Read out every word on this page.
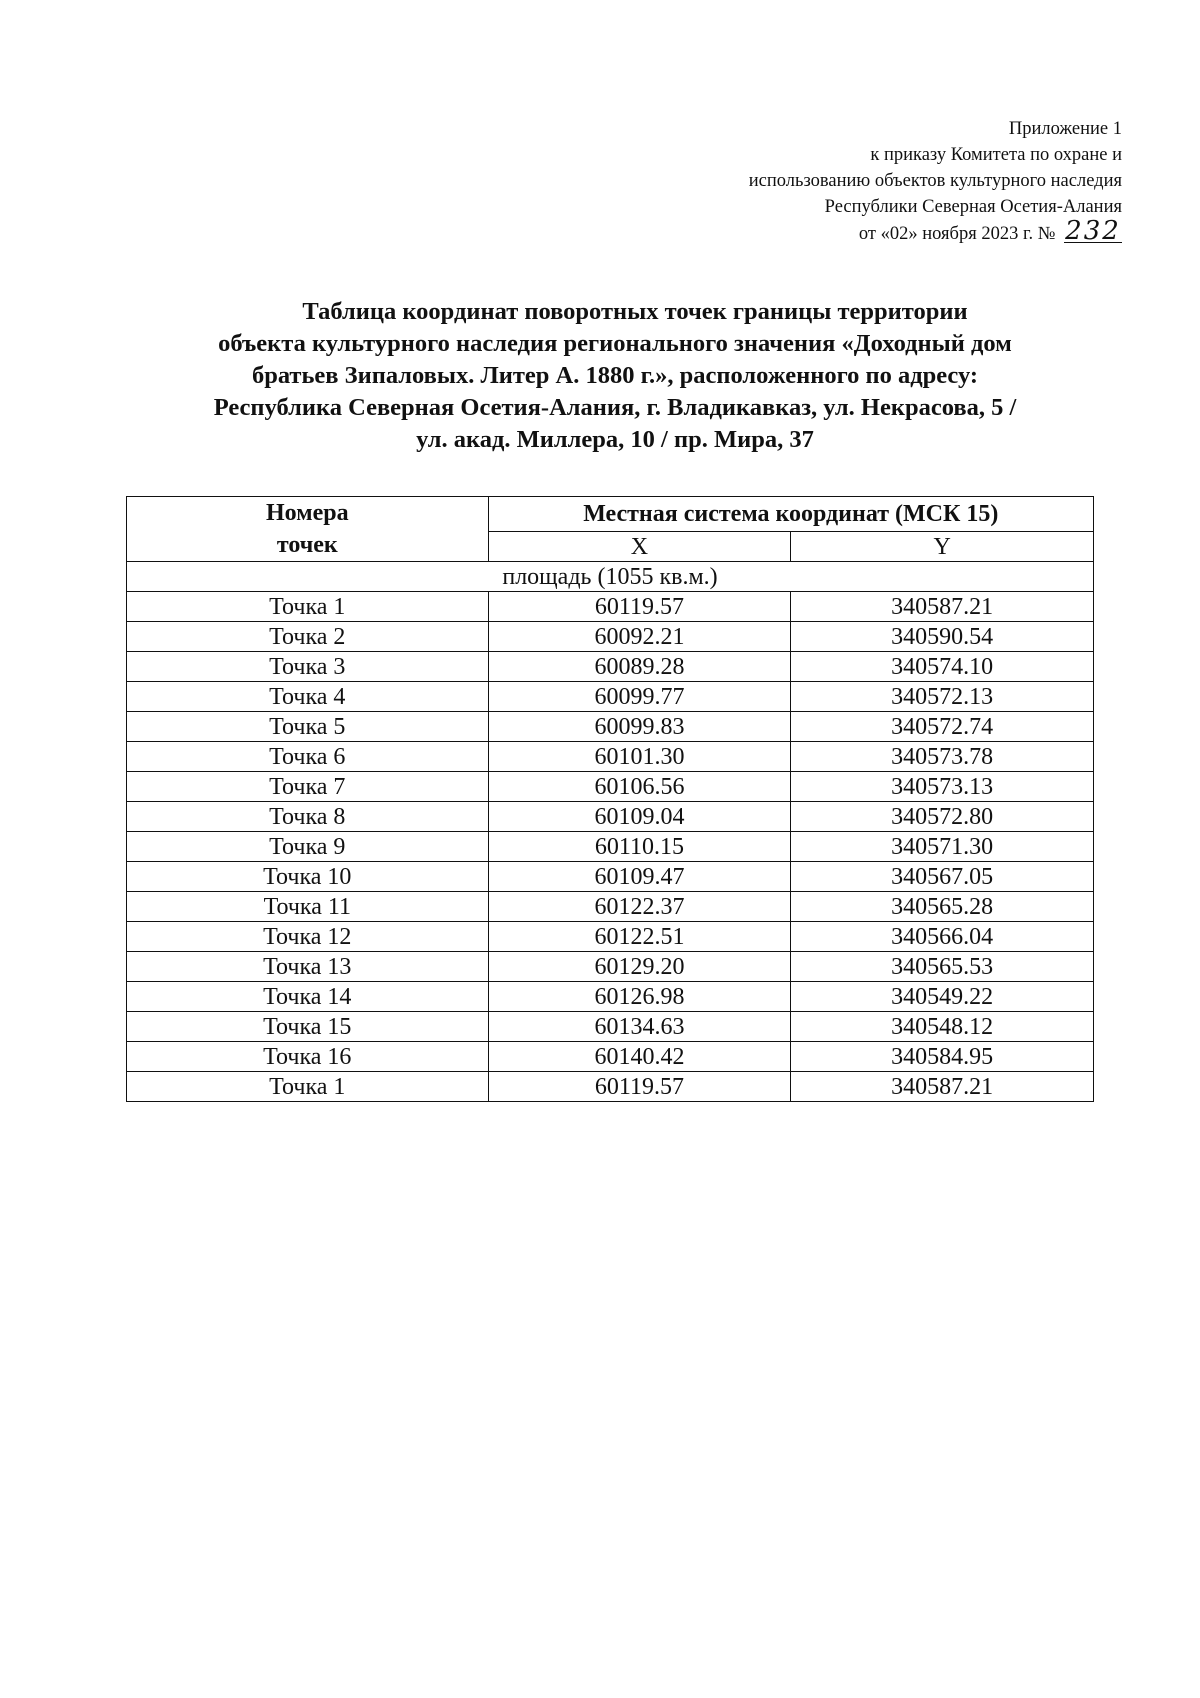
Приложение 1
к приказу Комитета по охране и
использованию объектов культурного наследия
Республики Северная Осетия-Алания
от «02» ноября 2023 г. № 232
Таблица координат поворотных точек границы территории
объекта культурного наследия регионального значения «Доходный дом
братьев Зипаловых. Литер А. 1880 г.», расположенного по адресу:
Республика Северная Осетия-Алания, г. Владикавказ, ул. Некрасова, 5 /
ул. акад. Миллера, 10 / пр. Мира, 37
Номера
точек	Местная система координат (МСК 15)	
	X	Y
площадь (1055 кв.м.)		
Точка 1	60119.57	340587.21
Точка 2	60092.21	340590.54
Точка 3	60089.28	340574.10
Точка 4	60099.77	340572.13
Точка 5	60099.83	340572.74
Точка 6	60101.30	340573.78
Точка 7	60106.56	340573.13
Точка 8	60109.04	340572.80
Точка 9	60110.15	340571.30
Точка 10	60109.47	340567.05
Точка 11	60122.37	340565.28
Точка 12	60122.51	340566.04
Точка 13	60129.20	340565.53
Точка 14	60126.98	340549.22
Точка 15	60134.63	340548.12
Точка 16	60140.42	340584.95
Точка 1	60119.57	340587.21
